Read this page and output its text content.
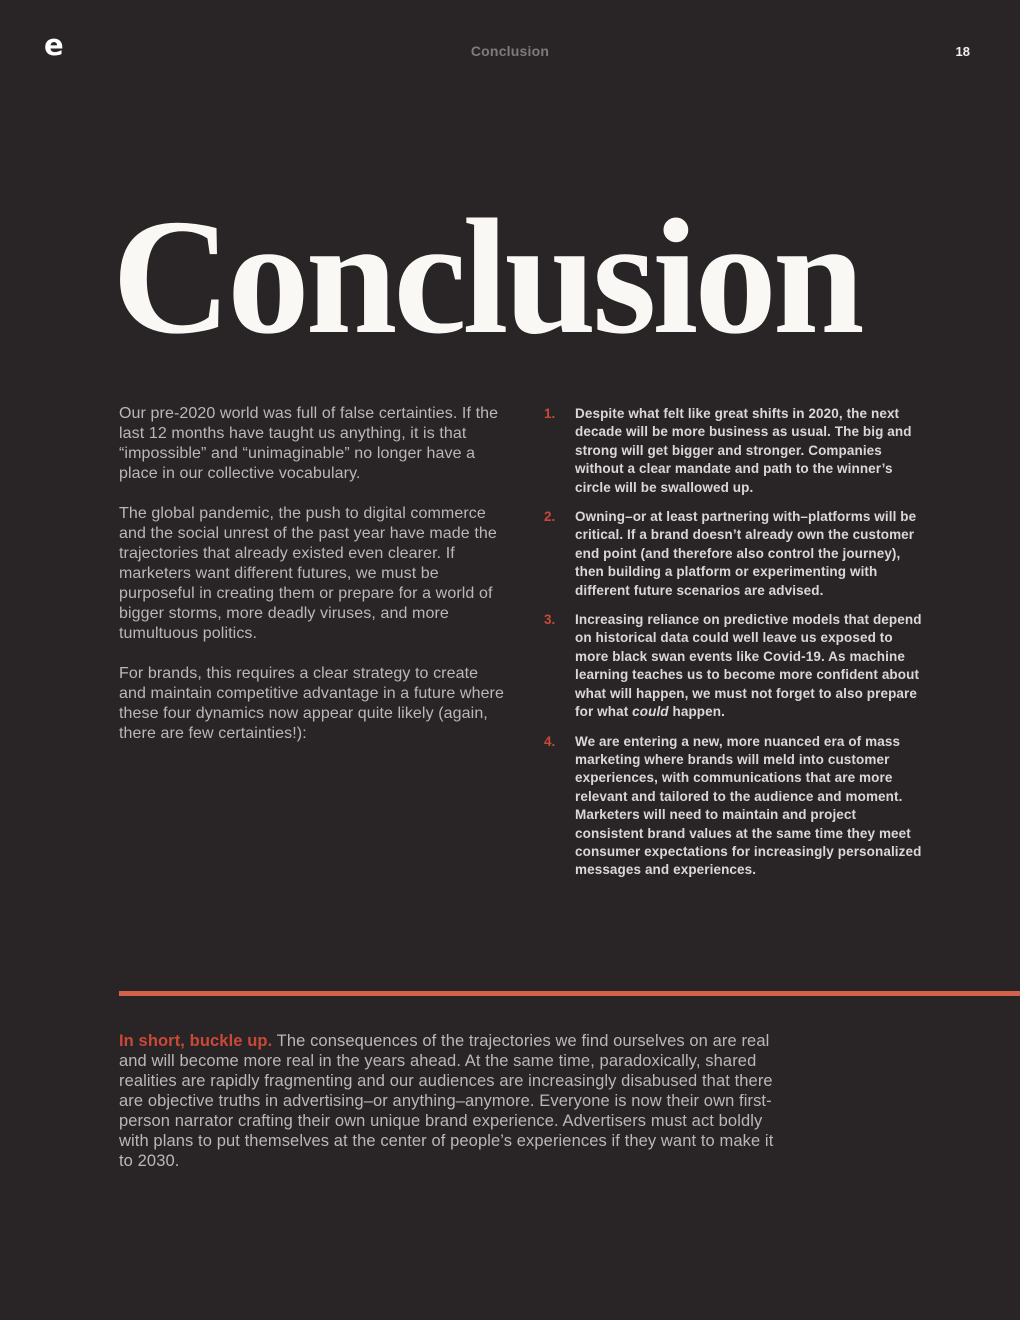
e	Conclusion	18
Conclusion

Our pre-2020 world was full of false certainties. If the last 12 months have taught us anything, it is that “impossible” and “unimaginable” no longer have a place in our collective vocabulary.

The global pandemic, the push to digital commerce and the social unrest of the past year have made the trajectories that already existed even clearer. If marketers want different futures, we must be purposeful in creating them or prepare for a world of bigger storms, more deadly viruses, and more tumultuous politics.

For brands, this requires a clear strategy to create and maintain competitive advantage in a future where these four dynamics now appear quite likely (again, there are few certainties!):

1.	Despite what felt like great shifts in 2020, the next decade will be more business as usual. The big and strong will get bigger and stronger. Companies without a clear mandate and path to the winner’s circle will be swallowed up.
2.	Owning–or at least partnering with–platforms will be critical. If a brand doesn’t already own the customer end point (and therefore also control the journey), then building a platform or experimenting with different future scenarios are advised.
3.	Increasing reliance on predictive models that depend on historical data could well leave us exposed to more black swan events like Covid-19. As machine learning teaches us to become more confident about what will happen, we must not forget to also prepare for what could happen.
4.	We are entering a new, more nuanced era of mass marketing where brands will meld into customer experiences, with communications that are more relevant and tailored to the audience and moment. Marketers will need to maintain and project consistent brand values at the same time they meet consumer expectations for increasingly personalized messages and experiences.

In short, buckle up. The consequences of the trajectories we find ourselves on are real and will become more real in the years ahead. At the same time, paradoxically, shared realities are rapidly fragmenting and our audiences are increasingly disabused that there are objective truths in advertising–or anything–anymore. Everyone is now their own first-person narrator crafting their own unique brand experience. Advertisers must act boldly with plans to put themselves at the center of people’s experiences if they want to make it to 2030.
